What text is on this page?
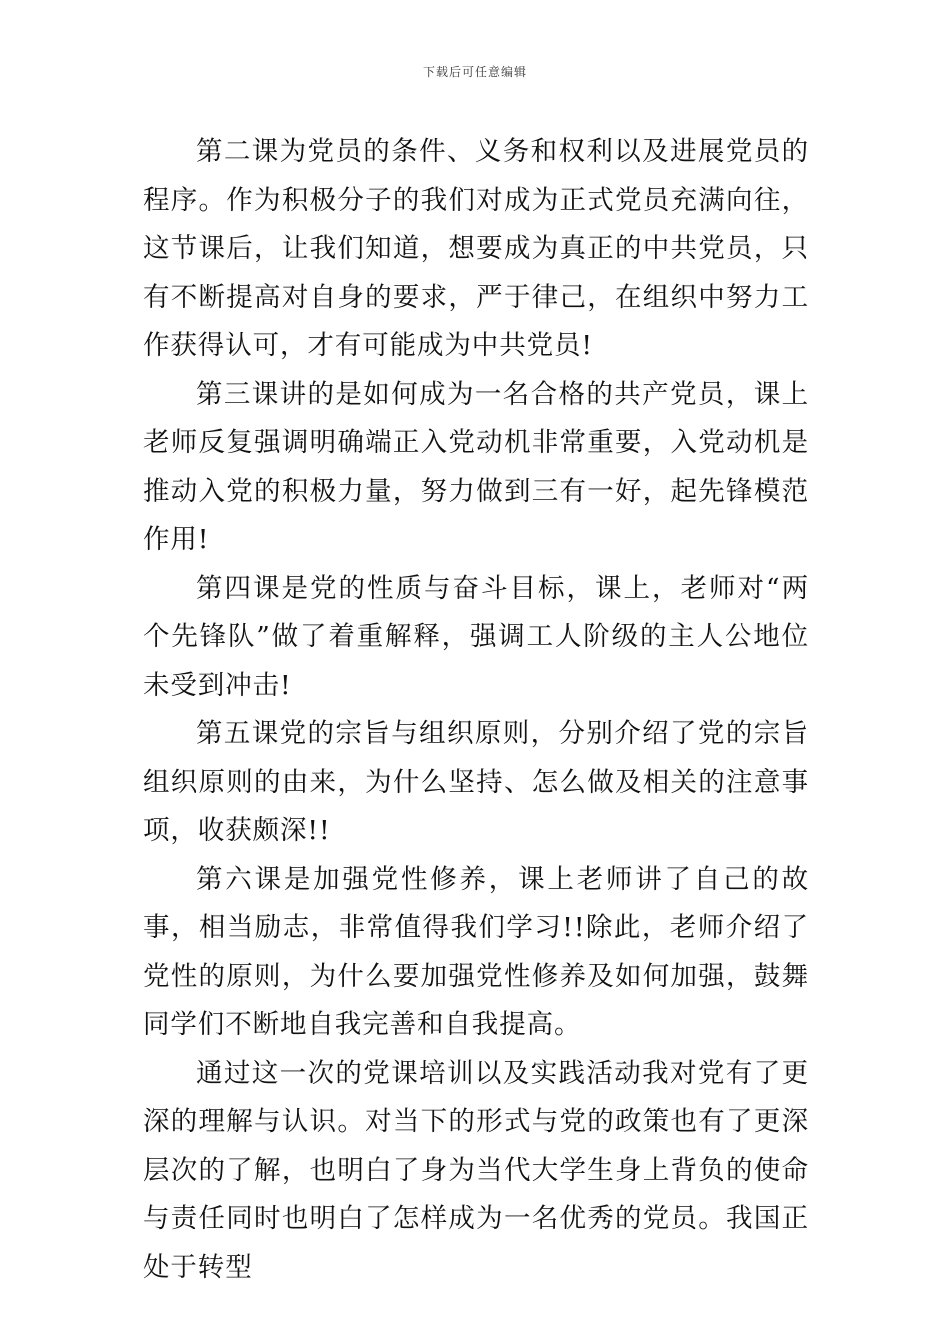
下载后可任意编辑

第二课为党员的条件、义务和权利以及进展党员的程序。作为积极分子的我们对成为正式党员充满向往，这节课后，让我们知道，想要成为真正的中共党员，只有不断提高对自身的要求，严于律己，在组织中努力工作获得认可，才有可能成为中共党员!

第三课讲的是如何成为一名合格的共产党员，课上老师反复强调明确端正入党动机非常重要，入党动机是推动入党的积极力量，努力做到三有一好，起先锋模范作用!

第四课是党的性质与奋斗目标，课上，老师对“两个先锋队”做了着重解释，强调工人阶级的主人公地位未受到冲击!

第五课党的宗旨与组织原则，分别介绍了党的宗旨组织原则的由来，为什么坚持、怎么做及相关的注意事项，收获颇深!!

第六课是加强党性修养，课上老师讲了自己的故事，相当励志，非常值得我们学习!!除此，老师介绍了党性的原则，为什么要加强党性修养及如何加强，鼓舞同学们不断地自我完善和自我提高。

通过这一次的党课培训以及实践活动我对党有了更深的理解与认识。对当下的形式与党的政策也有了更深层次的了解，也明白了身为当代大学生身上背负的使命与责任同时也明白了怎样成为一名优秀的党员。我国正处于转型
